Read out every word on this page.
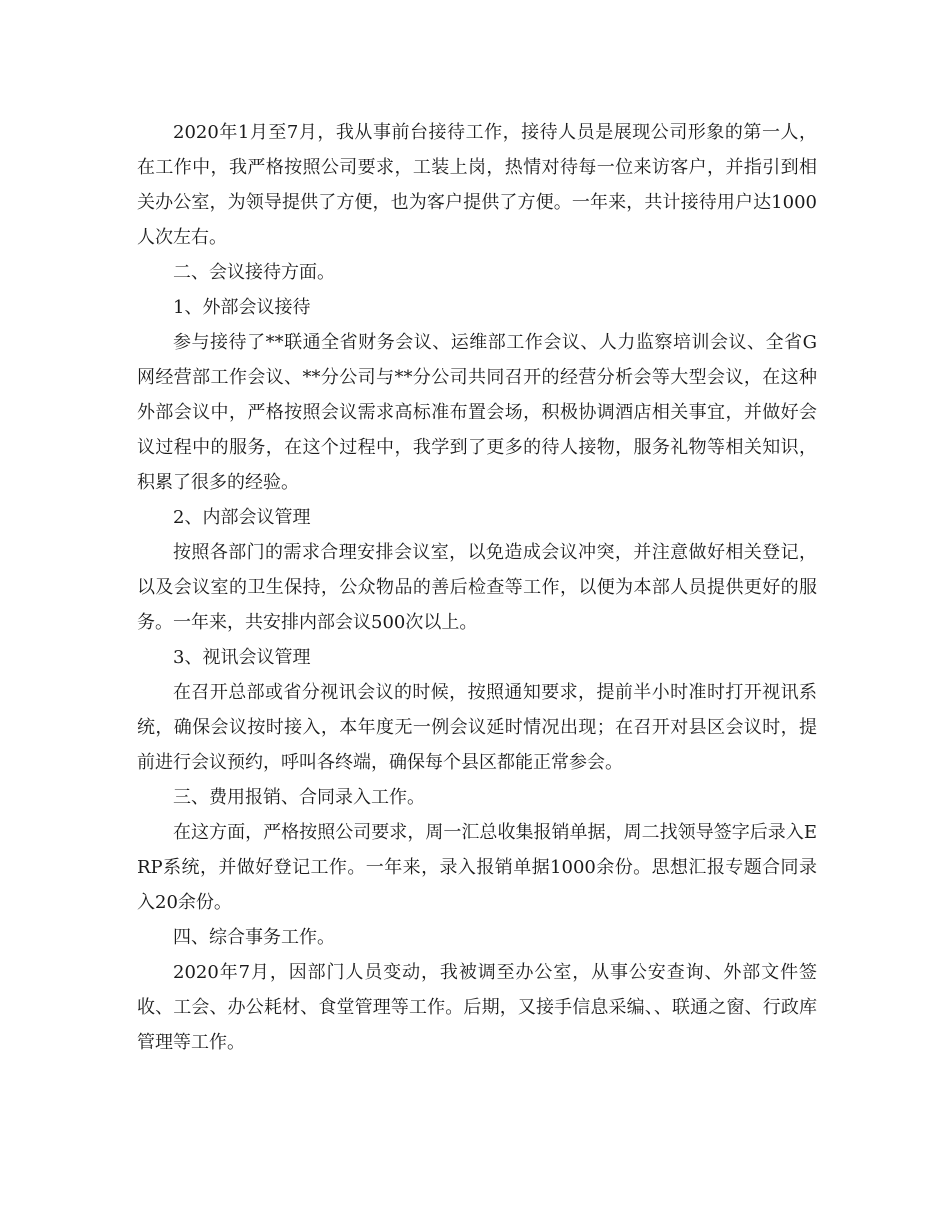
2020年1月至7月，我从事前台接待工作，接待人员是展现公司形象的第一人，在工作中，我严格按照公司要求，工装上岗，热情对待每一位来访客户，并指引到相关办公室，为领导提供了方便，也为客户提供了方便。一年来，共计接待用户达1000人次左右。

二、会议接待方面。

1、外部会议接待

参与接待了**联通全省财务会议、运维部工作会议、人力监察培训会议、全省G网经营部工作会议、**分公司与**分公司共同召开的经营分析会等大型会议，在这种外部会议中，严格按照会议需求高标准布置会场，积极协调酒店相关事宜，并做好会议过程中的服务，在这个过程中，我学到了更多的待人接物，服务礼物等相关知识，积累了很多的经验。

2、内部会议管理

按照各部门的需求合理安排会议室，以免造成会议冲突，并注意做好相关登记，以及会议室的卫生保持，公众物品的善后检查等工作，以便为本部人员提供更好的服务。一年来，共安排内部会议500次以上。

3、视讯会议管理

在召开总部或省分视讯会议的时候，按照通知要求，提前半小时准时打开视讯系统，确保会议按时接入，本年度无一例会议延时情况出现；在召开对县区会议时，提前进行会议预约，呼叫各终端，确保每个县区都能正常参会。

三、费用报销、合同录入工作。

在这方面，严格按照公司要求，周一汇总收集报销单据，周二找领导签字后录入ERP系统，并做好登记工作。一年来，录入报销单据1000余份。思想汇报专题合同录入20余份。

四、综合事务工作。

2020年7月，因部门人员变动，我被调至办公室，从事公安查询、外部文件签收、工会、办公耗材、食堂管理等工作。后期，又接手信息采编、、联通之窗、行政库管理等工作。
